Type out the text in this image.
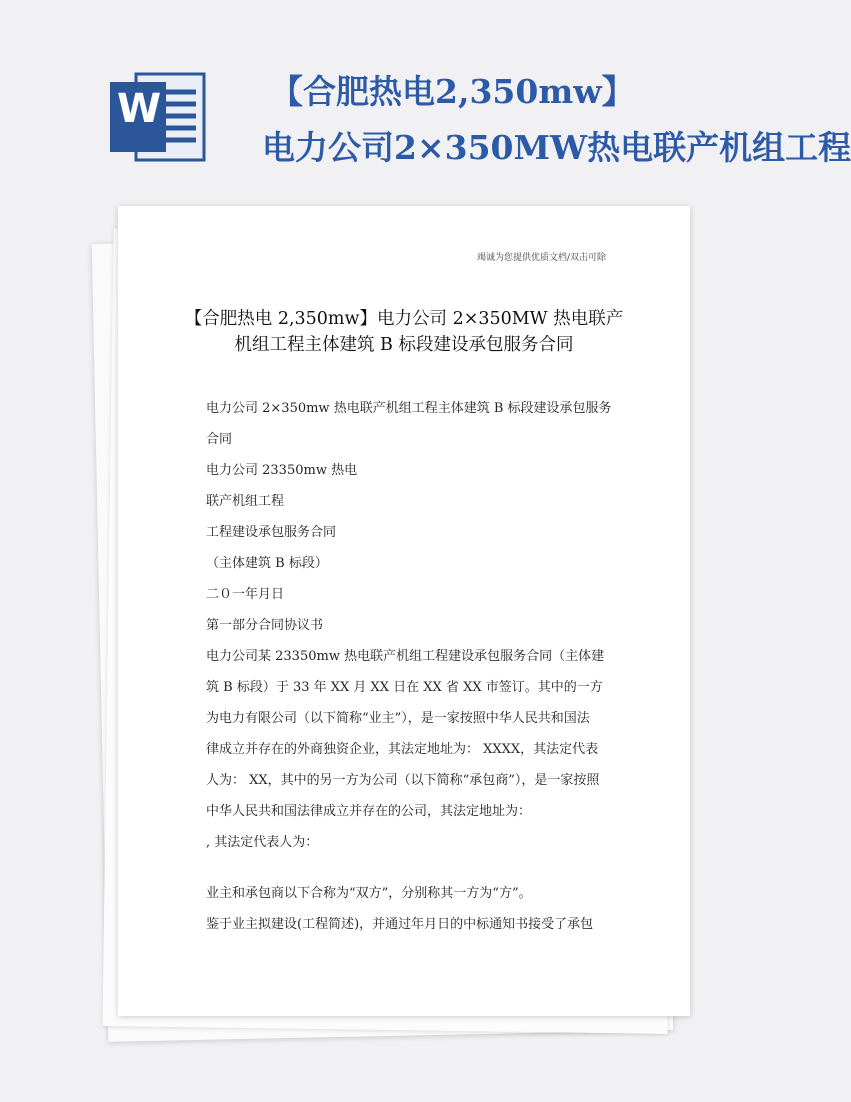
W	【合肥热电2,350mw】
电力公司2×350MW热电联产机组工程
竭诚为您提供优质文档/双击可除
【合肥热电 2,350mw】电力公司 2×350MW 热电联产
机组工程主体建筑 B 标段建设承包服务合同
电力公司 2×350mw 热电联产机组工程主体建筑 B 标段建设承包服务
合同
电力公司 23350mw 热电
联产机组工程
工程建设承包服务合同
（主体建筑 B 标段）
二０一年月日
第一部分合同协议书
电力公司某 23350mw 热电联产机组工程建设承包服务合同（主体建
筑 B 标段）于 33 年 XX 月 XX 日在 XX 省 XX 市签订。其中的一方
为电力有限公司（以下简称“业主”），是一家按照中华人民共和国法
律成立并存在的外商独资企业，其法定地址为： XXXX，其法定代表
人为： XX，其中的另一方为公司（以下简称“承包商”），是一家按照
中华人民共和国法律成立并存在的公司，其法定地址为：
, 其法定代表人为：
业主和承包商以下合称为“双方”，分别称其一方为“方”。
鉴于业主拟建设(工程简述)，并通过年月日的中标通知书接受了承包
